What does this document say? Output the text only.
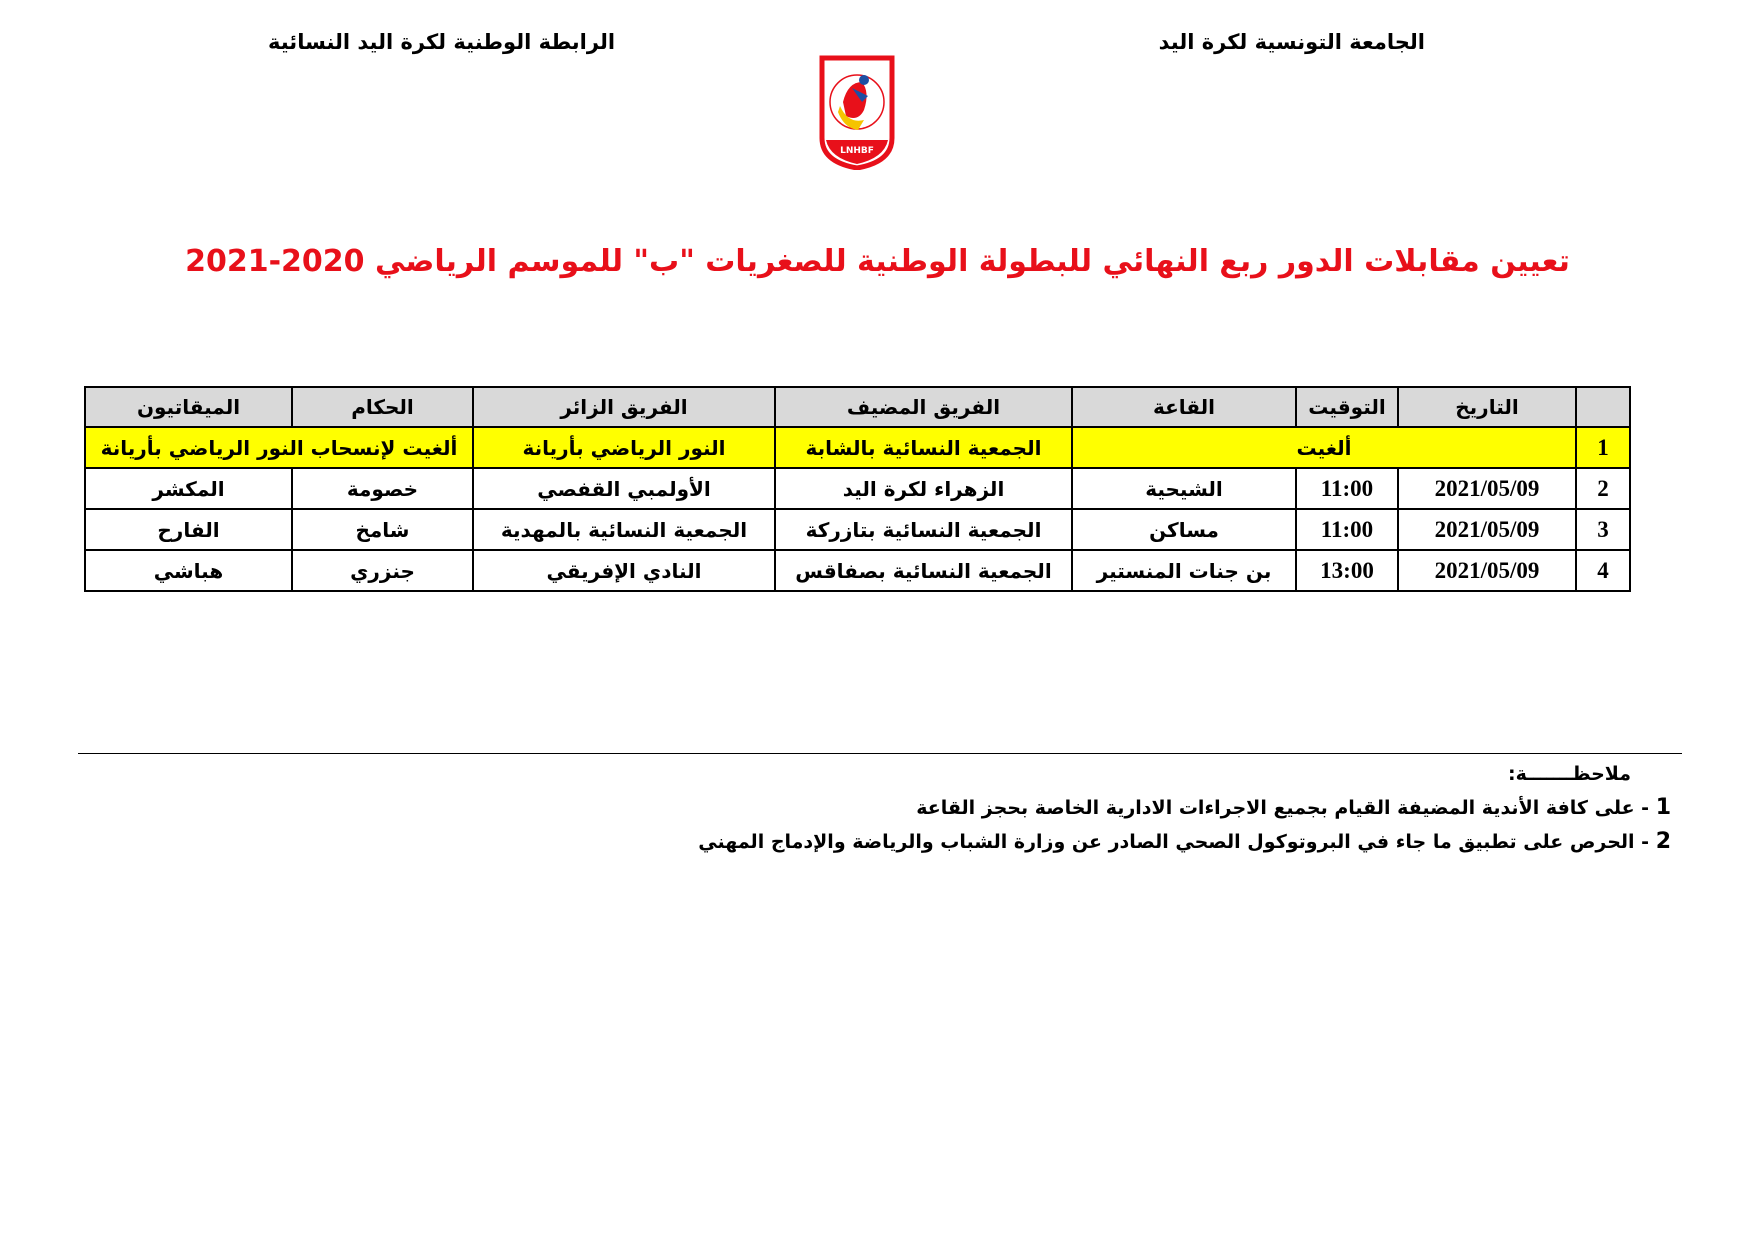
الجامعة التونسية لكرة اليد
الرابطة الوطنية لكرة اليد النسائية
LNHBF
تعيين مقابلات الدور ربع النهائي للبطولة الوطنية للصغريات "ب" للموسم الرياضي 2020-2021
	التاريخ	التوقيت	القاعة	الفريق المضيف	الفريق الزائر	الحكام	الميقاتيون
1	ألغيت			الجمعية النسائية بالشابة	النور الرياضي بأريانة	ألغيت لإنسحاب النور الرياضي بأريانة	
2	2021/05/09	11:00	الشيحية	الزهراء لكرة اليد	الأولمبي القفصي	خصومة	المكشر
3	2021/05/09	11:00	مساكن	الجمعية النسائية بتازركة	الجمعية النسائية بالمهدية	شامخ	الفارح
4	2021/05/09	13:00	بن جنات المنستير	الجمعية النسائية بصفاقس	النادي الإفريقي	جنزري	هباشي
ملاحظـــــــة:
1 - على كافة الأندية المضيفة القيام بجميع الاجراءات الادارية الخاصة بحجز القاعة
2 - الحرص على تطبيق ما جاء في البروتوكول الصحي الصادر عن وزارة الشباب والرياضة والإدماج المهني
